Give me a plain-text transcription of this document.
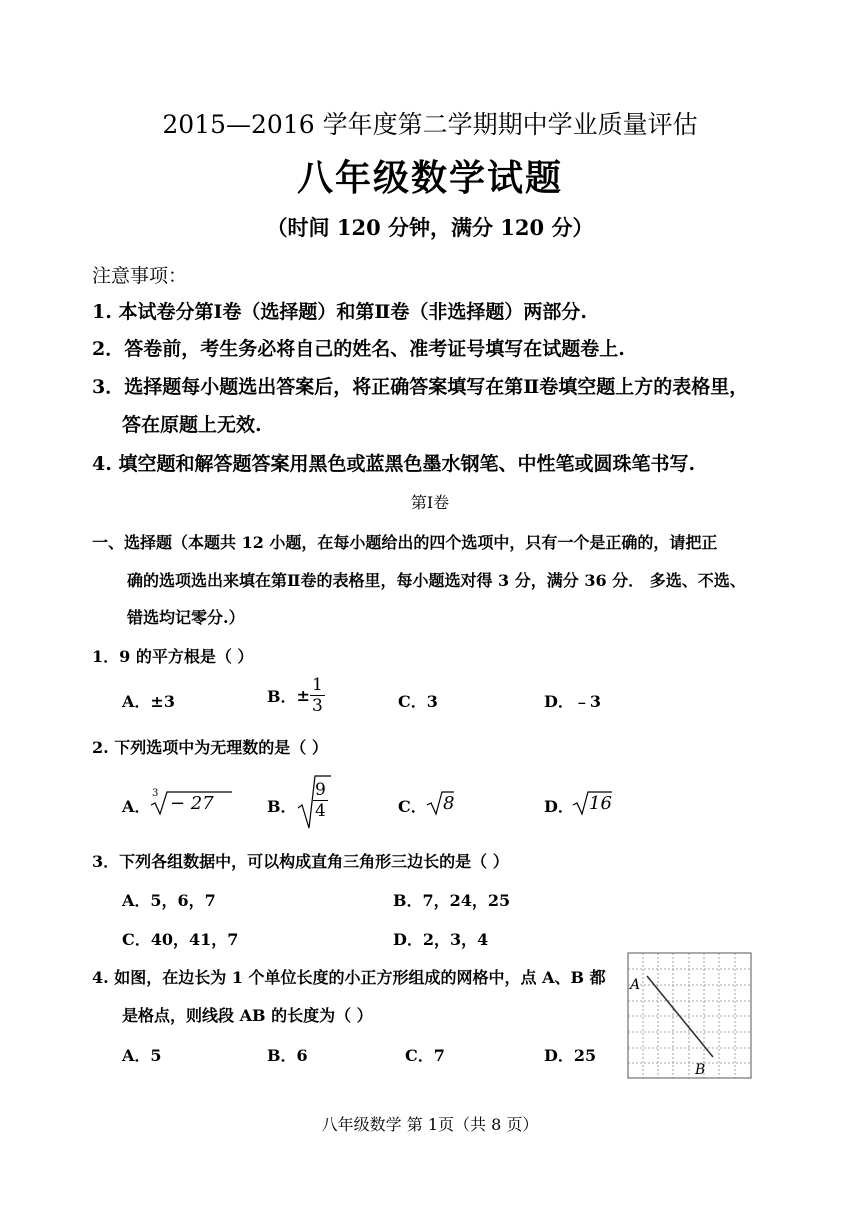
2015—2016 学年度第二学期期中学业质量评估
八年级数学试题
（时间 120 分钟，满分 120 分）
注意事项：
1. 本试卷分第Ⅰ卷（选择题）和第Ⅱ卷（非选择题）两部分.
2．答卷前，考生务必将自己的姓名、准考证号填写在试题卷上.
3．选择题每小题选出答案后，将正确答案填写在第Ⅱ卷填空题上方的表格里，
答在原题上无效.
4. 填空题和解答题答案用黑色或蓝黑色墨水钢笔、中性笔或圆珠笔书写.
第Ⅰ卷
一、选择题（本题共 12 小题，在每小题给出的四个选项中，只有一个是正确的，请把正
确的选项选出来填在第Ⅱ卷的表格里，每小题选对得 3 分，满分 36 分． 多选、不选、
错选均记零分.）
1．9 的平方根是（ ）
A．±3	B．± $\frac{1}{3}$	C．3	D．﹣3
2. 下列选项中为无理数的是（ ）
A．
3 − 27	B． $\frac{9}{4}$	C． 8	D． 16
3．下列各组数据中，可以构成直角三角形三边长的是（ ）
A．5，6，7	B．7，24，25
C．40，41，7	D．2，3，4
4. 如图，在边长为 1 个单位长度的小正方形组成的网格中，点 A、B 都
是格点，则线段 AB 的长度为（ ）
A．5	B．6	C．7	D．25
A
B
八年级数学 第 1页（共 8 页）
